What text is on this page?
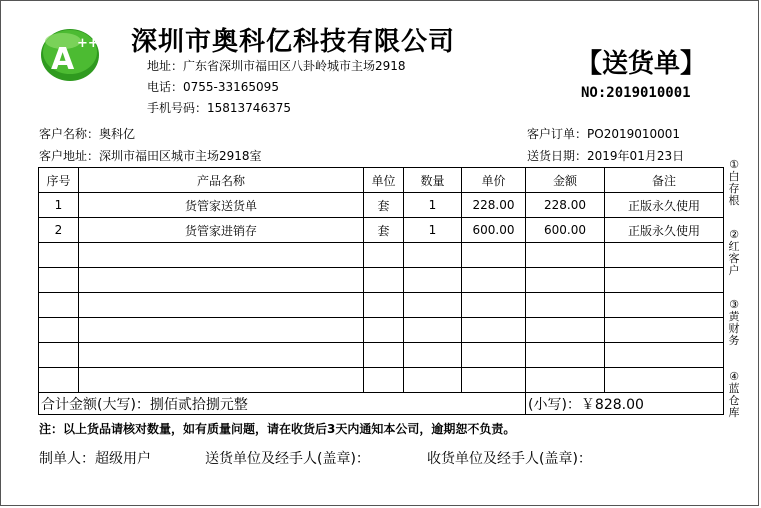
A ++ 深圳市奥科亿科技有限公司
地址：广东省深圳市福田区八卦岭城市主场2918
电话：0755-33165095
手机号码：15813746375
【送货单】
NO:2019010001
客户名称：奥科亿
客户地址：深圳市福田区城市主场2918室
客户订单：PO2019010001
送货日期：2019年01月23日
序号	产品名称	单位	数量	单价	金额	备注
1	货管家送货单	套	1	228.00	228.00	正版永久使用
2	货管家进销存	套	1	600.00	600.00	正版永久使用

合计金额(大写)：捌佰贰拾捌元整					(小写)：￥828.00	
①
白
存
根
②
红
客
户
③
黄
财
务
④
蓝
仓
库
注：以上货品请核对数量，如有质量问题，请在收货后3天内通知本公司，逾期恕不负责。
制单人：超级用户	送货单位及经手人(盖章)：	收货单位及经手人(盖章)：
